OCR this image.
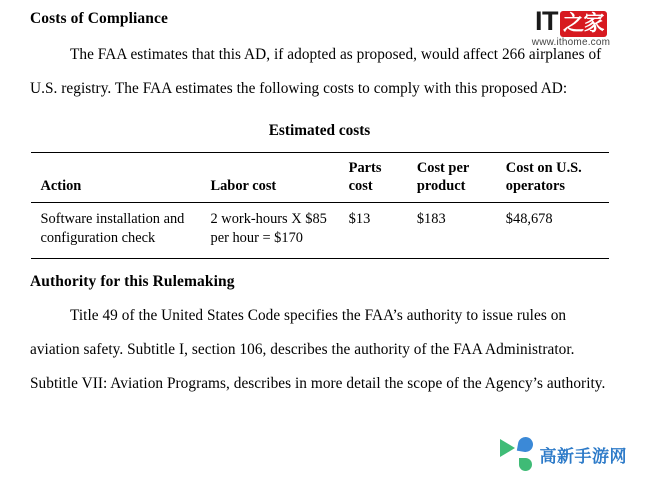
IT 之家
www.ithome.com
Costs of Compliance

The FAA estimates that this AD, if adopted as proposed, would affect 266 airplanes of U.S. registry. The FAA estimates the following costs to comply with this proposed AD:

Estimated costs
Action	Labor cost	Parts cost	Cost per product	Cost on U.S. operators
Software installation and configuration check	2 work-hours X $85 per hour = $170	$13	$183	$48,678
Authority for this Rulemaking

Title 49 of the United States Code specifies the FAA’s authority to issue rules on aviation safety. Subtitle I, section 106, describes the authority of the FAA Administrator. Subtitle VII: Aviation Programs, describes in more detail the scope of the Agency’s authority.

高新手游网
